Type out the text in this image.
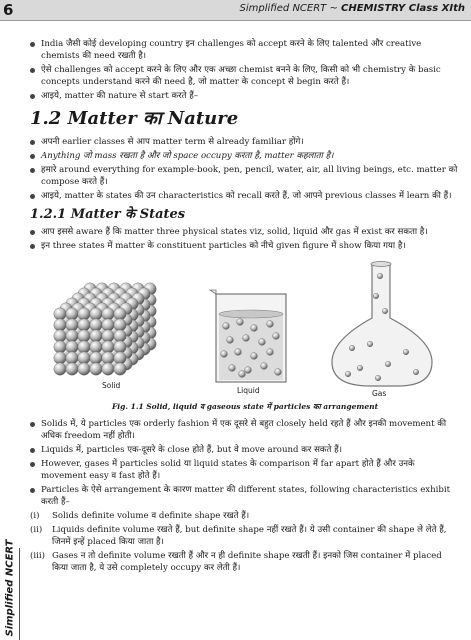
6	Simplified NCERT ~ CHEMISTRY Class XIth
Simplified NCERT
India जैसी कोई developing country इन challenges को accept करने के लिए talented और creative chemists की need रखती है।
ऐसे challenges को accept करने के लिए और एक अच्छा chemist बनने के लिए, किसी को भी chemistry के basic concepts understand करने की need है, जो matter के concept से begin करते हैं।
आइये, matter की nature से start करते हैं–
1.2 Matter का Nature
अपनी earlier classes से आप matter term से already familiar होंगे।
Anything जो mass रखता है और जो space occupy करता है, matter कहलाता है।
हमारे around everything for example-book, pen, pencil, water, air, all living beings, etc. matter को compose करते हैं।
आइये, matter के states की उन characteristics को recall करते हैं, जो आपने previous classes में learn की हैं।
1.2.1 Matter के States
आप इससे aware हैं कि matter three physical states viz, solid, liquid और gas में exist कर सकता है।
इन three states में matter के constituent particles को नीचे given figure में show किया गया है।
Solid
Liquid	Gas
Fig. 1.1 Solid, liquid व gaseous state में particles का arrangement
Solids में, ये particles एक orderly fashion में एक दूसरे से बहुत closely held रहते हैं और इनकी movement की अधिक freedom नहीं होती।
Liquids में, particles एक-दूसरे के close होते हैं, but वे move around कर सकते हैं।
However, gases में particles solid या liquid states के comparison में far apart होते हैं और उनके movement easy व fast होते हैं।
Particles के ऐसे arrangement के कारण matter की different states, following characteristics exhibit करती हैं–
(i) Solids definite volume व definite shape रखते हैं।
(ii) Liquids definite volume रखते हैं, but definite shape नहीं रखते हैं। ये उसी container की shape ले लेते हैं, जिनमें इन्हें placed किया जाता है।
(iii) Gases न तो definite volume रखती हैं और न ही definite shape रखती हैं। इनको जिस container में placed किया जाता है, ये उसे completely occupy कर लेती हैं।
